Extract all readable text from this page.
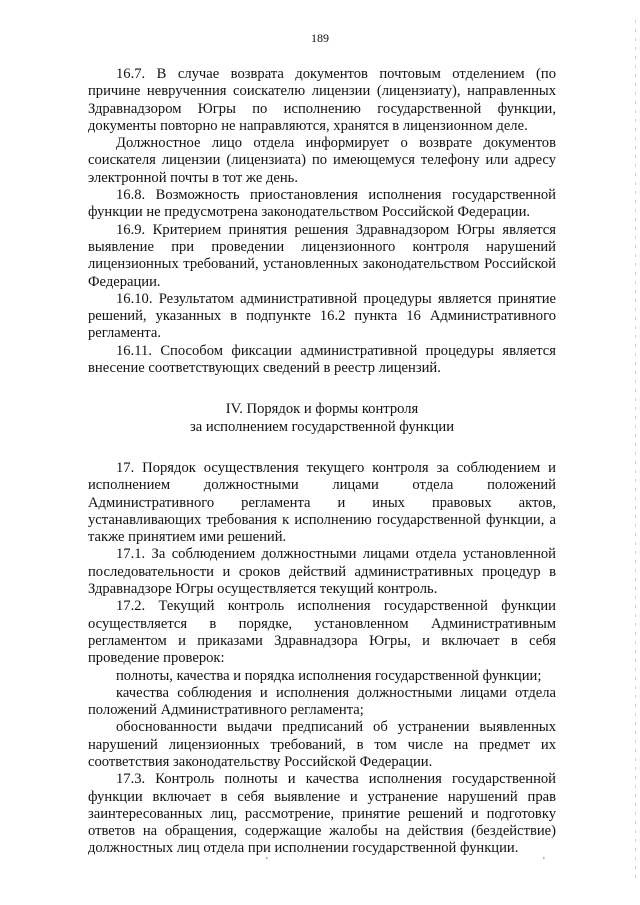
189

16.7. В случае возврата документов почтовым отделением (по причине неврученния соискателю лицензии (лицензиату), направленных Здравнадзором Югры по исполнению государственной функции, документы повторно не направляются, хранятся в лицензионном деле.

Должностное лицо отдела информирует о возврате документов соискателя лицензии (лицензиата) по имеющемуся телефону или адресу электронной почты в тот же день.

16.8. Возможность приостановления исполнения государственной функции не предусмотрена законодательством Российской Федерации.

16.9. Критерием принятия решения Здравнадзором Югры является выявление при проведении лицензионного контроля нарушений лицензионных требований, установленных законодательством Российской Федерации.

16.10. Результатом административной процедуры является принятие решений, указанных в подпункте 16.2 пункта 16 Административного регламента.

16.11. Способом фиксации административной процедуры является внесение соответствующих сведений в реестр лицензий.

IV. Порядок и формы контроля
за исполнением государственной функции

17. Порядок осуществления текущего контроля за соблюдением и исполнением должностными лицами отдела положений Административного регламента и иных правовых актов, устанавливающих требования к исполнению государственной функции, а также принятием ими решений.

17.1. За соблюдением должностными лицами отдела установленной последовательности и сроков действий административных процедур в Здравнадзоре Югры осуществляется текущий контроль.

17.2. Текущий контроль исполнения государственной функции осуществляется в порядке, установленном Административным регламентом и приказами Здравнадзора Югры, и включает в себя проведение проверок:

полноты, качества и порядка исполнения государственной функции;

качества соблюдения и исполнения должностными лицами отдела положений Административного регламента;

обоснованности выдачи предписаний об устранении выявленных нарушений лицензионных требований, в том числе на предмет их соответствия законодательству Российской Федерации.

17.3. Контроль полноты и качества исполнения государственной функции включает в себя выявление и устранение нарушений прав заинтересованных лиц, рассмотрение, принятие решений и подготовку ответов на обращения, содержащие жалобы на действия (бездействие) должностных лиц отдела при исполнении государственной функции.

'	'
